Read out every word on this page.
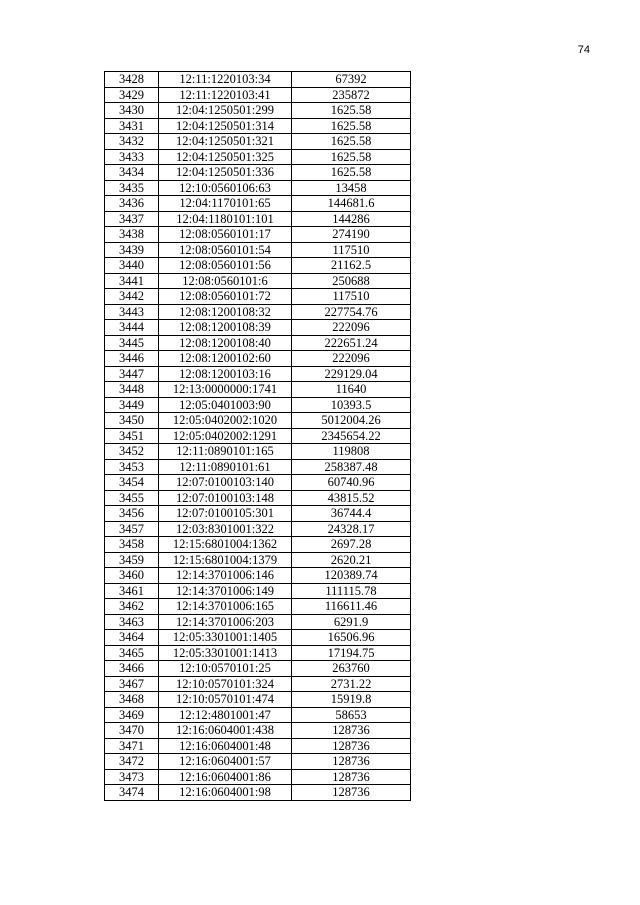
74
3428	12:11:1220103:34	67392
3429	12:11:1220103:41	235872
3430	12:04:1250501:299	1625.58
3431	12:04:1250501:314	1625.58
3432	12:04:1250501:321	1625.58
3433	12:04:1250501:325	1625.58
3434	12:04:1250501:336	1625.58
3435	12:10:0560106:63	13458
3436	12:04:1170101:65	144681.6
3437	12:04:1180101:101	144286
3438	12:08:0560101:17	274190
3439	12:08:0560101:54	117510
3440	12:08:0560101:56	21162.5
3441	12:08:0560101:6	250688
3442	12:08:0560101:72	117510
3443	12:08:1200108:32	227754.76
3444	12:08:1200108:39	222096
3445	12:08:1200108:40	222651.24
3446	12:08:1200102:60	222096
3447	12:08:1200103:16	229129.04
3448	12:13:0000000:1741	11640
3449	12:05:0401003:90	10393.5
3450	12:05:0402002:1020	5012004.26
3451	12:05:0402002:1291	2345654.22
3452	12:11:0890101:165	119808
3453	12:11:0890101:61	258387.48
3454	12:07:0100103:140	60740.96
3455	12:07:0100103:148	43815.52
3456	12:07:0100105:301	36744.4
3457	12:03:8301001:322	24328.17
3458	12:15:6801004:1362	2697.28
3459	12:15:6801004:1379	2620.21
3460	12:14:3701006:146	120389.74
3461	12:14:3701006:149	111115.78
3462	12:14:3701006:165	116611.46
3463	12:14:3701006:203	6291.9
3464	12:05:3301001:1405	16506.96
3465	12:05:3301001:1413	17194.75
3466	12:10:0570101:25	263760
3467	12:10:0570101:324	2731.22
3468	12:10:0570101:474	15919.8
3469	12:12:4801001:47	58653
3470	12:16:0604001:438	128736
3471	12:16:0604001:48	128736
3472	12:16:0604001:57	128736
3473	12:16:0604001:86	128736
3474	12:16:0604001:98	128736
